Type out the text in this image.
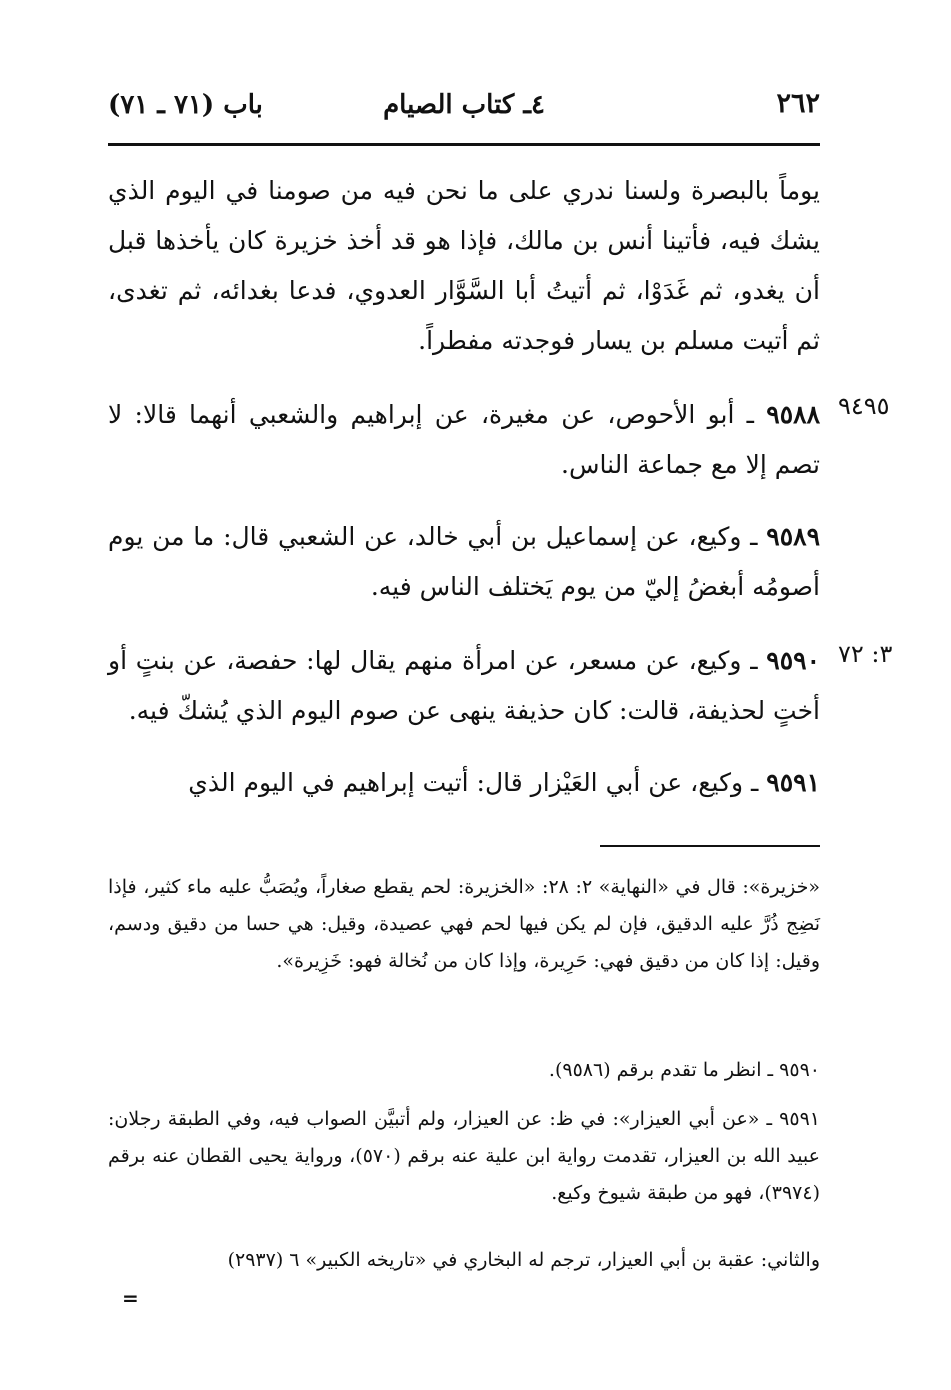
٢٦٢
٤ـ كتاب الصيام
باب (٧١ ـ ٧١)
يوماً بالبصرة ولسنا ندري على ما نحن فيه من صومنا في اليوم الذي يشك فيه، فأتينا أنس بن مالك، فإذا هو قد أخذ خزيرة كان يأخذها قبل أن يغدو، ثم غَدَوْا، ثم أتيتُ أبا السَّوَّار العدوي، فدعا بغدائه، ثم تغدى، ثم أتيت مسلم بن يسار فوجدته مفطراً.
٩٤٩٥
٩٥٨٨ ـ أبو الأحوص، عن مغيرة، عن إبراهيم والشعبي أنهما قالا: لا تصم إلا مع جماعة الناس.
٩٥٨٩ ـ وكيع، عن إسماعيل بن أبي خالد، عن الشعبي قال: ما من يوم أصومُه أبغضُ إليّ من يوم يَختلف الناس فيه.
٣: ٧٢
٩٥٩٠ ـ وكيع، عن مسعر، عن امرأة منهم يقال لها: حفصة، عن بنتٍ أو أختٍ لحذيفة، قالت: كان حذيفة ينهى عن صوم اليوم الذي يُشكّ فيه.
٩٥٩١ ـ وكيع، عن أبي العَيْزار قال: أتيت إبراهيم في اليوم الذي
«خزيرة»: قال في «النهاية» ٢: ٢٨: «الخزيرة: لحم يقطع صغاراً، ويُصَبُّ عليه ماء كثير، فإذا نَضِج ذُرَّ عليه الدقيق، فإن لم يكن فيها لحم فهي عصيدة، وقيل: هي حسا من دقيق ودسم، وقيل: إذا كان من دقيق فهي: حَرِيرة، وإذا كان من نُخالة فهو: خَزِيرة».
٩٥٩٠ ـ انظر ما تقدم برقم (٩٥٨٦).
٩٥٩١ ـ «عن أبي العيزار»: في ظ: عن العيزار، ولم أتبيَّن الصواب فيه، وفي الطبقة رجلان: عبيد الله بن العيزار، تقدمت رواية ابن علية عنه برقم (٥٧٠)، ورواية يحيى القطان عنه برقم (٣٩٧٤)، فهو من طبقة شيوخ وكيع.
والثاني: عقبة بن أبي العيزار، ترجم له البخاري في «تاريخه الكبير» ٦ (٢٩٣٧)
=
